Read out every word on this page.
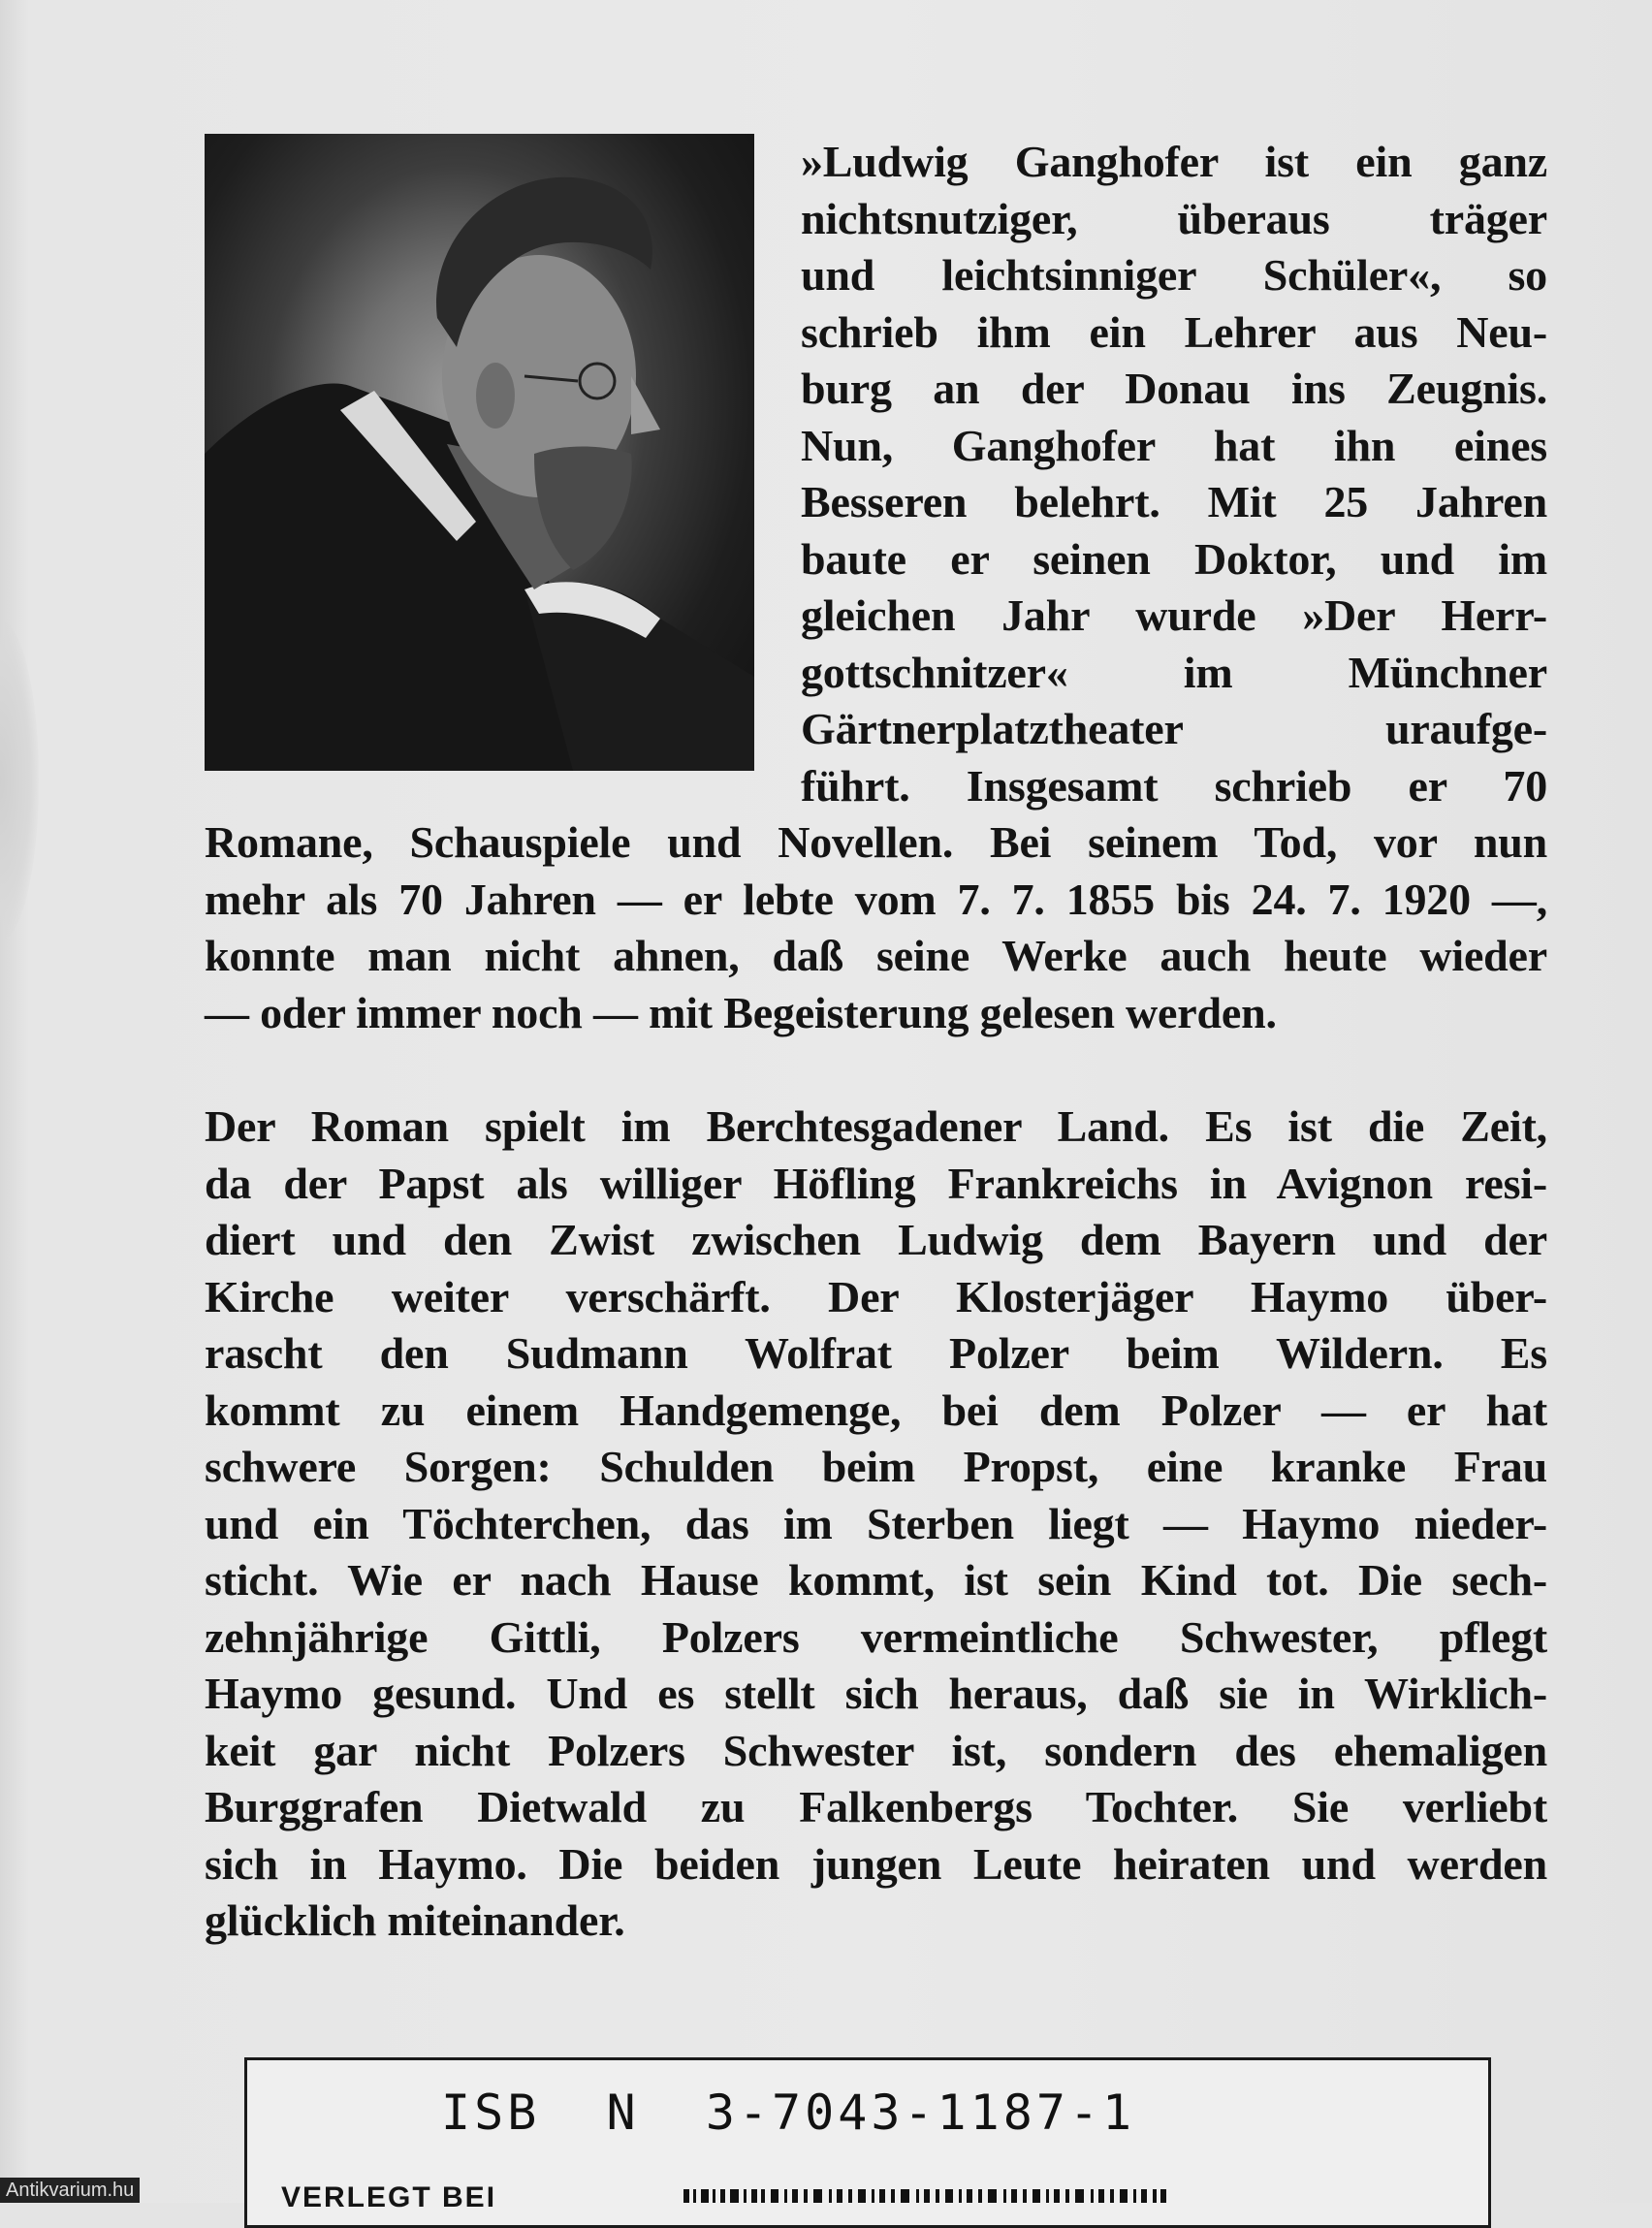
»Ludwig Ganghofer ist ein ganz
nichtsnutziger, überaus träger
und leichtsinniger Schüler«, so
schrieb ihm ein Lehrer aus Neu-
burg an der Donau ins Zeugnis.
Nun, Ganghofer hat ihn eines
Besseren belehrt. Mit 25 Jahren
baute er seinen Doktor, und im
gleichen Jahr wurde »Der Herr-
gottschnitzer« im Münchner
Gärtnerplatztheater uraufge-
führt. Insgesamt schrieb er 70
Romane, Schauspiele und Novellen. Bei seinem Tod, vor nun
mehr als 70 Jahren — er lebte vom 7. 7. 1855 bis 24. 7. 1920 —,
konnte man nicht ahnen, daß seine Werke auch heute wieder
— oder immer noch — mit Begeisterung gelesen werden.
Der Roman spielt im Berchtesgadener Land. Es ist die Zeit,
da der Papst als williger Höfling Frankreichs in Avignon resi-
diert und den Zwist zwischen Ludwig dem Bayern und der
Kirche weiter verschärft. Der Klosterjäger Haymo über-
rascht den Sudmann Wolfrat Polzer beim Wildern. Es
kommt zu einem Handgemenge, bei dem Polzer — er hat
schwere Sorgen: Schulden beim Propst, eine kranke Frau
und ein Töchterchen, das im Sterben liegt — Haymo nieder-
sticht. Wie er nach Hause kommt, ist sein Kind tot. Die sech-
zehnjährige Gittli, Polzers vermeintliche Schwester, pflegt
Haymo gesund. Und es stellt sich heraus, daß sie in Wirklich-
keit gar nicht Polzers Schwester ist, sondern des ehemaligen
Burggrafen Dietwald zu Falkenbergs Tochter. Sie verliebt
sich in Haymo. Die beiden jungen Leute heiraten und werden
glücklich miteinander.
ISB  N  3-7043-1187-1
VERLEGT BEI
Antikvarium.hu
